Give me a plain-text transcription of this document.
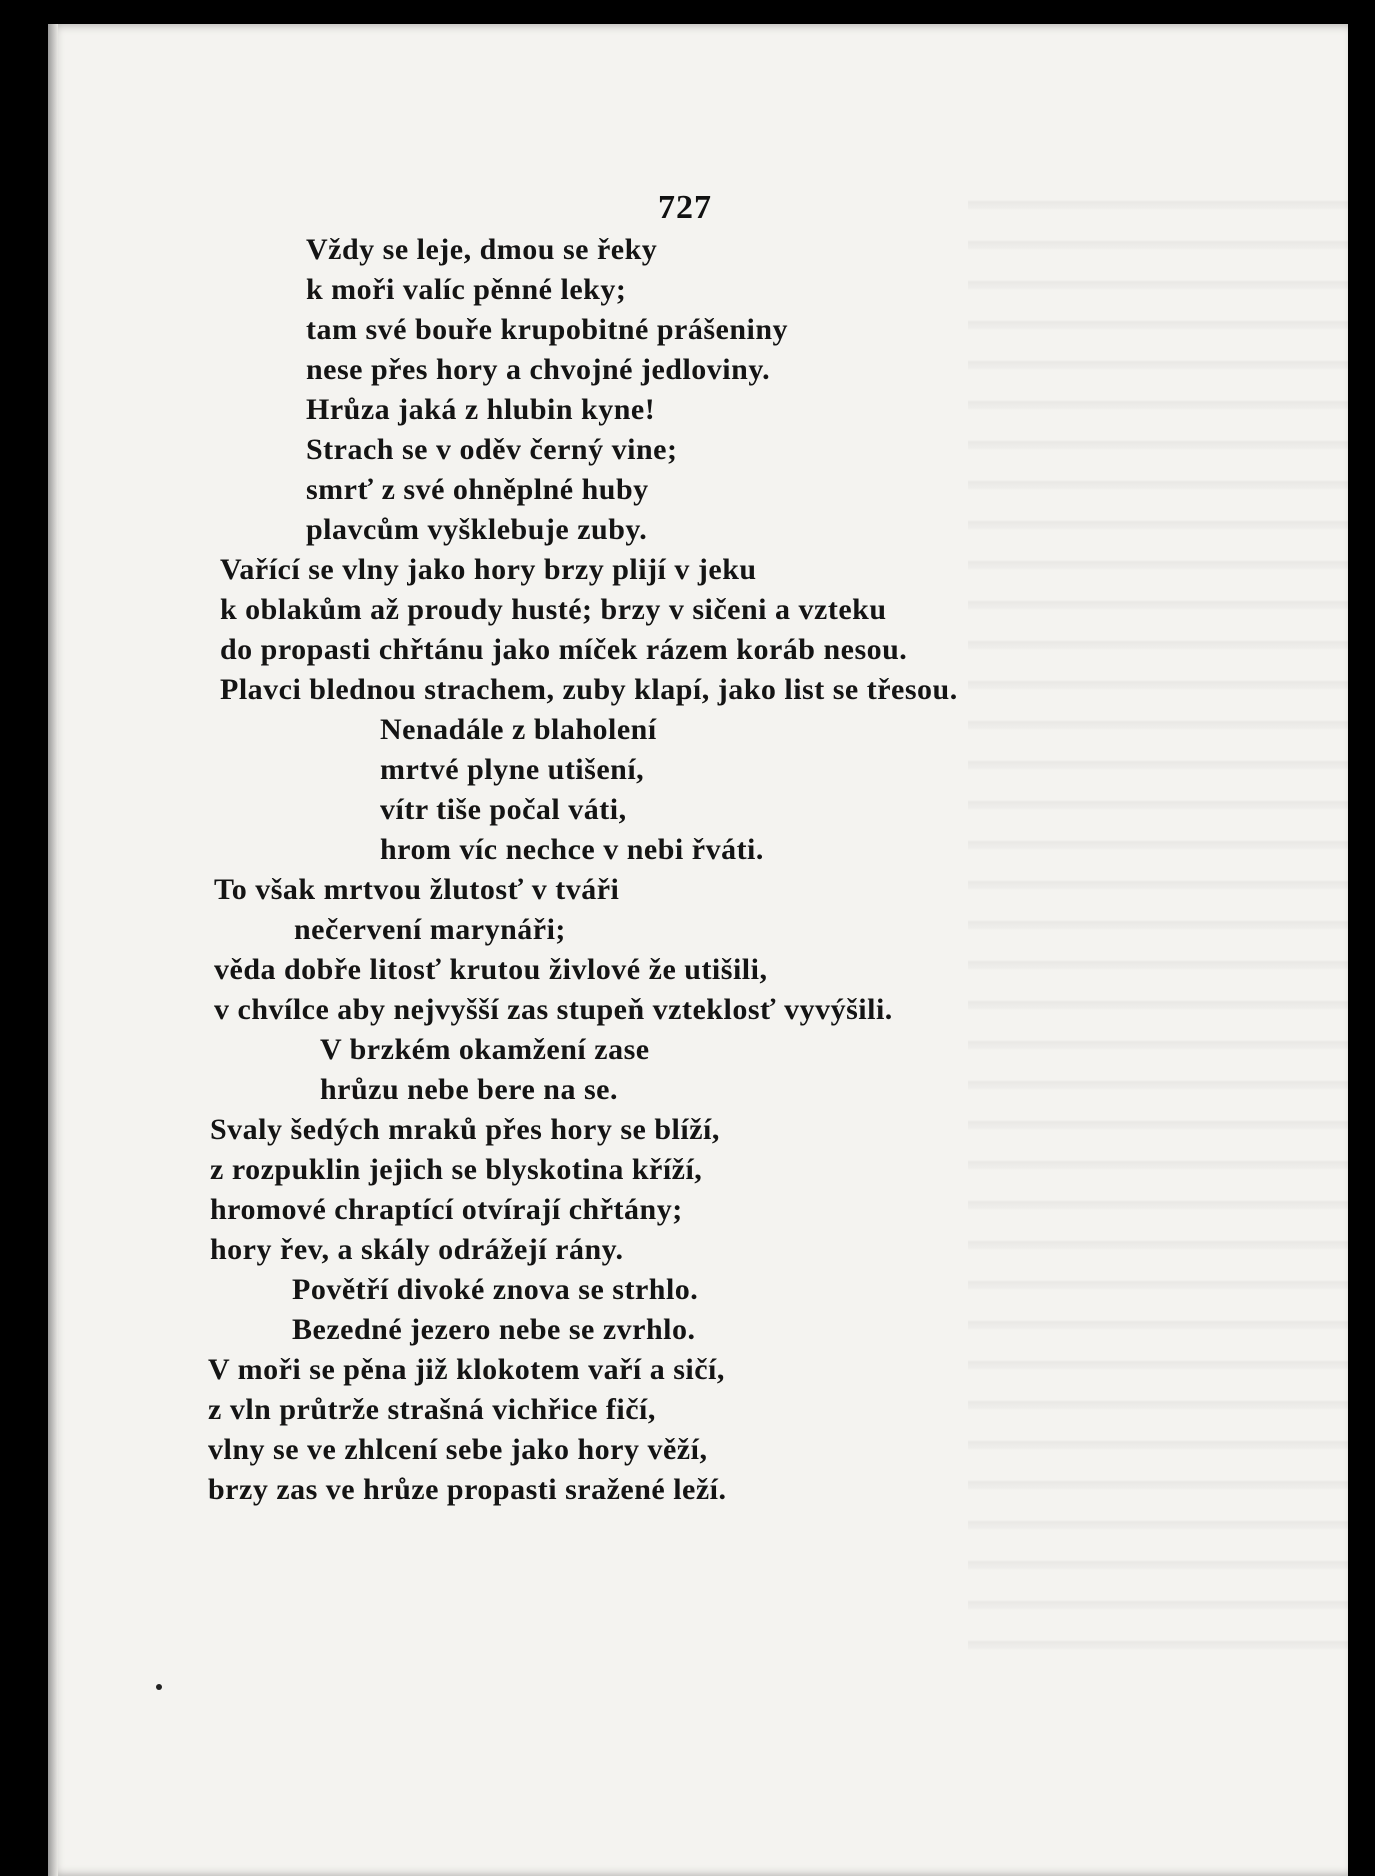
727
Vždy se leje, dmou se řeky
k moři valíc pěnné leky;
tam své bouře krupobitné prášeniny
nese přes hory a chvojné jedloviny.
Hrůza jaká z hlubin kyne!
Strach se v oděv černý vine;
smrť z své ohněplné huby
plavcům vyšklebuje zuby.
Vařící se vlny jako hory brzy plijí v jeku
k oblakům až proudy husté; brzy v sičeni a vzteku
do propasti chřtánu jako míček rázem koráb nesou.
Plavci blednou strachem, zuby klapí, jako list se třesou.
Nenadále z blaholení
mrtvé plyne utišení,
vítr tiše počal váti,
hrom víc nechce v nebi řváti.
To však mrtvou žlutosť v tváři
nečervení marynáři;
věda dobře litosť krutou živlové že utišili,
v chvílce aby nejvyšší zas stupeň vzteklosť vyvýšili.
V brzkém okamžení zase
hrůzu nebe bere na se.
Svaly šedých mraků přes hory se blíží,
z rozpuklin jejich se blyskotina kříží,
hromové chraptící otvírají chřtány;
hory řev, a skály odrážejí rány.
Povětří divoké znova se strhlo.
Bezedné jezero nebe se zvrhlo.
V moři se pěna již klokotem vaří a sičí,
z vln průtrže strašná vichřice fičí,
vlny se ve zhlcení sebe jako hory věží,
brzy zas ve hrůze propasti sražené leží.
